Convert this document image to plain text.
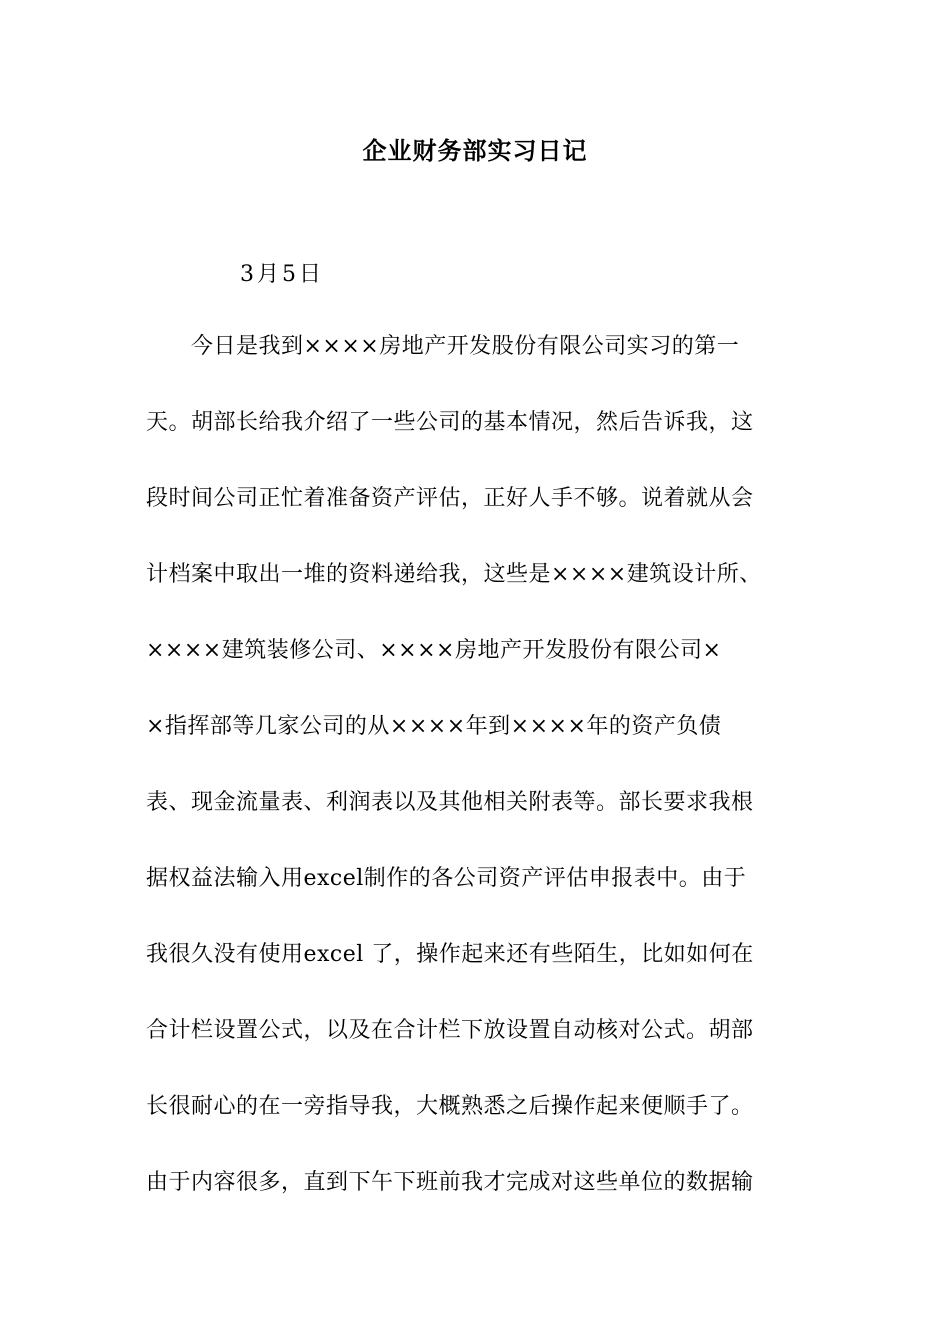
企业财务部实习日记
3月5日
　　今日是我到××××房地产开发股份有限公司实习的第一
天。胡部长给我介绍了一些公司的基本情况，然后告诉我，这
段时间公司正忙着准备资产评估，正好人手不够。说着就从会
计档案中取出一堆的资料递给我，这些是××××建筑设计所、
××××建筑装修公司、××××房地产开发股份有限公司×
×指挥部等几家公司的从××××年到××××年的资产负债
表、现金流量表、利润表以及其他相关附表等。部长要求我根
据权益法输入用excel制作的各公司资产评估申报表中。由于
我很久没有使用excel 了，操作起来还有些陌生，比如如何在
合计栏设置公式，以及在合计栏下放设置自动核对公式。胡部
长很耐心的在一旁指导我，大概熟悉之后操作起来便顺手了。
由于内容很多，直到下午下班前我才完成对这些单位的数据输
